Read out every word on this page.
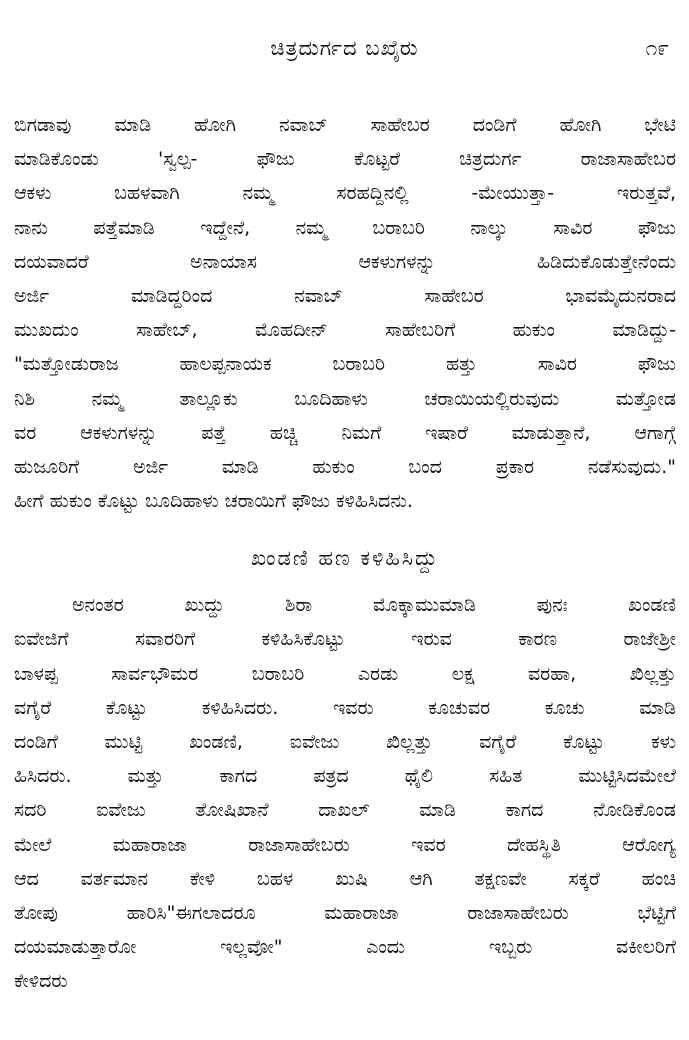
ಚಿತ್ರದುರ್ಗದ ಬಖೈರು	೧೯
ಬಿಗಡಾವು ಮಾಡಿ ಹೋಗಿ ನವಾಬ್ ಸಾಹೇಬರ ದಂಡಿಗೆ ಹೋಗಿ ಭೇಟಿ
ಮಾಡಿಕೊಂಡು 'ಸ್ವಲ್ಪ- ಫೌಜು ಕೊಟ್ಟರೆ ಚಿತ್ರದುರ್ಗ ರಾಜಾಸಾಹೇಬರ
ಆಕಳು ಬಹಳವಾಗಿ ನಮ್ಮ ಸರಹದ್ದಿನಲ್ಲಿ -ಮೇಯುತ್ತಾ- ಇರುತ್ತವೆ,
ನಾನು ಪತ್ತೆಮಾಡಿ ಇದ್ದೇನೆ, ನಮ್ಮ ಬರಾಬರಿ ನಾಲ್ಕು ಸಾವಿರ ಫೌಜು
ದಯವಾದರೆ ಅನಾಯಾಸ ಆಕಳುಗಳನ್ನು ಹಿಡಿದುಕೊಡುತ್ತೇನೆಂದು
ಅರ್ಜಿ ಮಾಡಿದ್ದರಿಂದ ನವಾಬ್ ಸಾಹೇಬರ ಭಾವಮೈದುನರಾದ
ಮುಖದುಂ ಸಾಹೇಬ್, ಮೊಹದೀನ್ ಸಾಹೇಬರಿಗೆ ಹುಕುಂ ಮಾಡಿದ್ದು-
"ಮತ್ತೋಡುರಾಜ ಹಾಲಪ್ಪನಾಯಕ ಬರಾಬರಿ ಹತ್ತು ಸಾವಿರ ಫೌಜು
ನಿಶಿ ನಮ್ಮ ತಾಲ್ಲೂಕು ಬೂದಿಹಾಳು ಚರಾಯಿಯಲ್ಲಿರುವುದು ಮತ್ತೋಡ
ವರ ಆಕಳುಗಳನ್ನು ಪತ್ತೆ ಹಚ್ಚಿ ನಿಮಗೆ ಇಷಾರೆ ಮಾಡುತ್ತಾನೆ, ಆಗಾಗ್ಗೆ
ಹುಜೂರಿಗೆ ಅರ್ಜಿ ಮಾಡಿ ಹುಕುಂ ಬಂದ ಪ್ರಕಾರ ನಡೆಸುವುದು."
ಹೀಗೆ ಹುಕುಂ ಕೊಟ್ಟು ಬೂದಿಹಾಳು ಚರಾಯಿಗೆ ಫೌಜು ಕಳಿಹಿಸಿದನು.
ಖಂಡಣಿ ಹಣ ಕಳಿಹಿಸಿದ್ದು
ಅನಂತರ ಖುದ್ದು ಶಿರಾ ಮೊಕ್ಕಾಮುಮಾಡಿ ಪುನಃ ಖಂಡಣಿ
ಐವೇಜಿಗೆ ಸವಾರರಿಗೆ ಕಳಿಹಿಸಿಕೊಟ್ಟು ಇರುವ ಕಾರಣ ರಾಜೇಶ್ರೀ
ಬಾಳಪ್ಪ ಸಾರ್ವಭೌಮರ ಬರಾಬರಿ ಎರಡು ಲಕ್ಷ ವರಹಾ, ಖಿಲ್ಲತ್ತು
ವಗೈರೆ ಕೊಟ್ಟು ಕಳಿಹಿಸಿದರು. ಇವರು ಕೂಚುವರ ಕೂಚು ಮಾಡಿ
ದಂಡಿಗೆ ಮುಟ್ಟಿ ಖಂಡಣಿ, ಐವೇಜು ಖಿಲ್ಲತ್ತು ವಗೈರೆ ಕೊಟ್ಟು ಕಳು
ಹಿಸಿದರು. ಮತ್ತು ಕಾಗದ ಪತ್ರದ ಥೈಲಿ ಸಹಿತ ಮುಟ್ಟಿಸಿದಮೇಲೆ
ಸದರಿ ಐವೇಜು ತೋಷಿಖಾನೆ ದಾಖಲ್ ಮಾಡಿ ಕಾಗದ ನೋಡಿಕೊಂಡ
ಮೇಲೆ ಮಹಾರಾಜಾ ರಾಜಾಸಾಹೇಬರು ಇವರ ದೇಹಸ್ಥಿತಿ ಆರೋಗ್ಯ
ಆದ ವರ್ತಮಾನ ಕೇಳಿ ಬಹಳ ಖುಷಿ ಆಗಿ ತಕ್ಷಣವೇ ಸಕ್ಕರೆ ಹಂಚಿ
ತೋಪು ಹಾರಿಸಿ"ಈಗಲಾದರೂ ಮಹಾರಾಜಾ ರಾಜಾಸಾಹೇಬರು ಭೆಟ್ಟಿಗೆ
ದಯಮಾಡುತ್ತಾರೋ ಇಲ್ಲವೋ" ಎಂದು ಇಬ್ಬರು ವಕೀಲರಿಗೆ
ಕೇಳಿದರು
